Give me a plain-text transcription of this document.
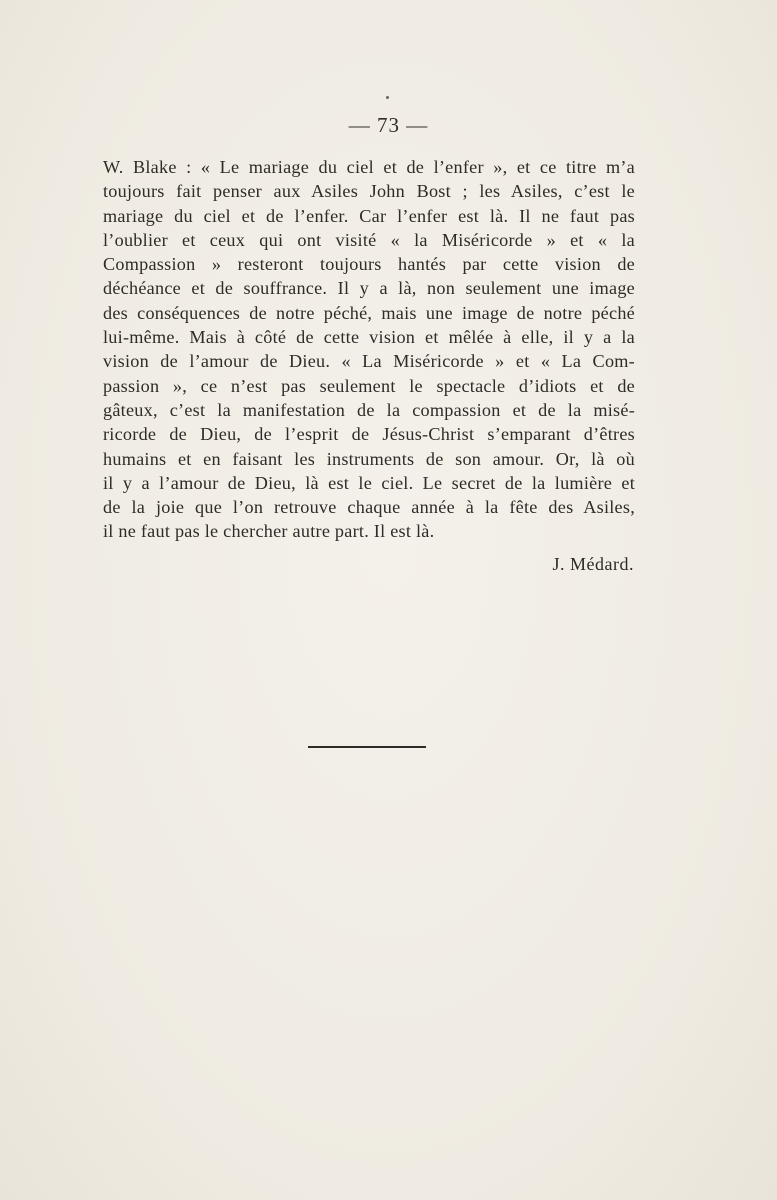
— 73 —
W. Blake : « Le mariage du ciel et de l’enfer », et ce titre m’a
toujours fait penser aux Asiles John Bost ; les Asiles, c’est le
mariage du ciel et de l’enfer. Car l’enfer est là. Il ne faut pas
l’oublier et ceux qui ont visité « la Miséricorde » et « la
Compassion » resteront toujours hantés par cette vision de
déchéance et de souffrance. Il y a là, non seulement une image
des conséquences de notre péché, mais une image de notre péché
lui-même. Mais à côté de cette vision et mêlée à elle, il y a la
vision de l’amour de Dieu. « La Miséricorde » et « La Com-
passion », ce n’est pas seulement le spectacle d’idiots et de
gâteux, c’est la manifestation de la compassion et de la misé-
ricorde de Dieu, de l’esprit de Jésus-Christ s’emparant d’êtres
humains et en faisant les instruments de son amour. Or, là où
il y a l’amour de Dieu, là est le ciel. Le secret de la lumière et
de la joie que l’on retrouve chaque année à la fête des Asiles,
il ne faut pas le chercher autre part. Il est là.
J. Médard.
